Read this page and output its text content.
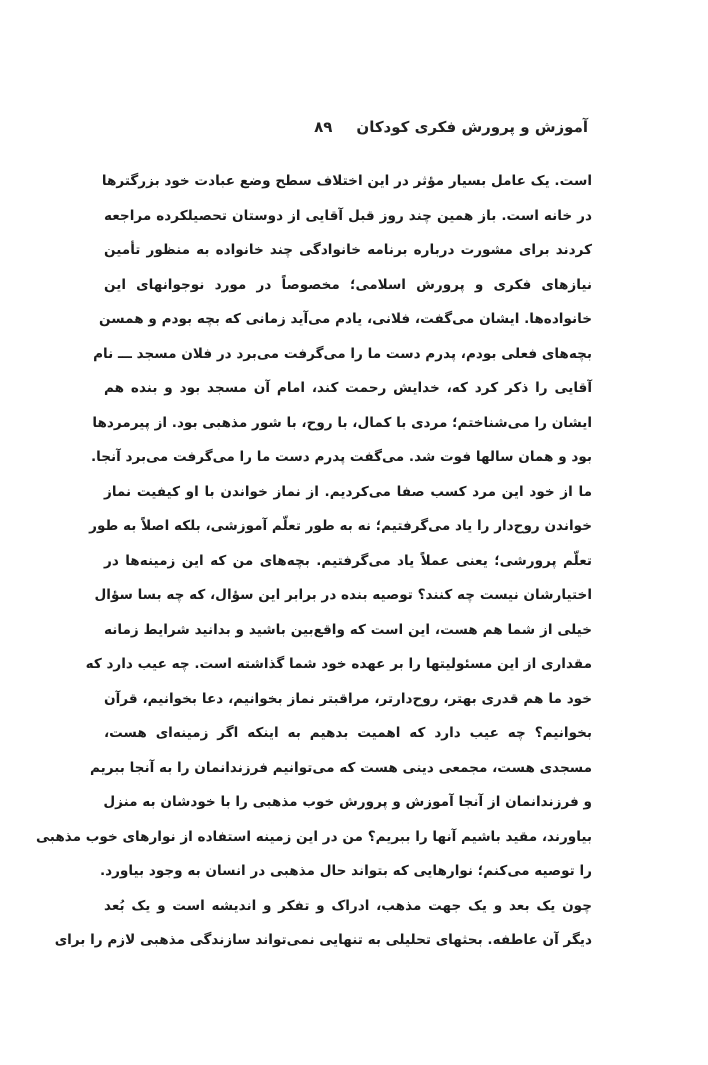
آموزش و پرورش فکری کودکان
۸۹
است. یک عامل بسیار مؤثر در این اختلاف سطح وضع عبادت خود بزرگترها
در خانه است. باز همین چند روز قبل آقایی از دوستان تحصیلکرده مراجعه
کردند برای مشورت درباره برنامه خانوادگی چند خانواده به منظور تأمین
نیازهای فکری و پرورش اسلامی؛ مخصوصاً در مورد نوجوانهای این
خانواده‌ها. ایشان می‌گفت، فلانی، یادم می‌آید زمانی که بچه بودم و همسن
بچه‌های فعلی بودم، پدرم دست ما را می‌گرفت می‌برد در فلان مسجد ـــ نام
آقایی را ذکر کرد که، خدایش رحمت کند، امام آن مسجد بود و بنده هم
ایشان را می‌شناختم؛ مردی با کمال، با روح، با شور مذهبی بود. از پیرمردها
بود و همان سالها فوت شد. می‌گفت پدرم دست ما را می‌گرفت می‌برد آنجا.
ما از خود این مرد کسب صفا می‌کردیم. از نماز خواندن با او کیفیت نماز
خواندن روح‌دار را یاد می‌گرفتیم؛ نه به طور تعلّم آموزشی، بلکه اصلاً به طور
تعلّم پرورشی؛ یعنی عملاً یاد می‌گرفتیم. بچه‌های من که این زمینه‌ها در
اختیارشان نیست چه کنند؟ توصیه بنده در برابر این سؤال، که چه بسا سؤال
خیلی از شما هم هست، این است که واقع‌بین باشید و بدانید شرایط زمانه
مقداری از این مسئولیتها را بر عهده خود شما گذاشته است. چه عیب دارد که
خود ما هم قدری بهتر، روح‌دارتر، مراقبتر نماز بخوانیم، دعا بخوانیم، قرآن
بخوانیم؟ چه عیب دارد که اهمیت بدهیم به اینکه اگر زمینه‌ای هست،
مسجدی هست، مجمعی دینی هست که می‌توانیم فرزندانمان را به آنجا ببریم
و فرزندانمان از آنجا آموزش و پرورش خوب مذهبی را با خودشان به منزل
بیاورند، مقید باشیم آنها را ببریم؟ من در این زمینه استفاده از نوارهای خوب مذهبی
را توصیه می‌کنم؛ نوارهایی که بتواند حال مذهبی در انسان به وجود بیاورد.
چون یک بعد و یک جهت مذهب، ادراک و تفکر و اندیشه است و یک بُعد
دیگر آن عاطفه. بحثهای تحلیلی به تنهایی نمی‌تواند سازندگی مذهبی لازم را برای
